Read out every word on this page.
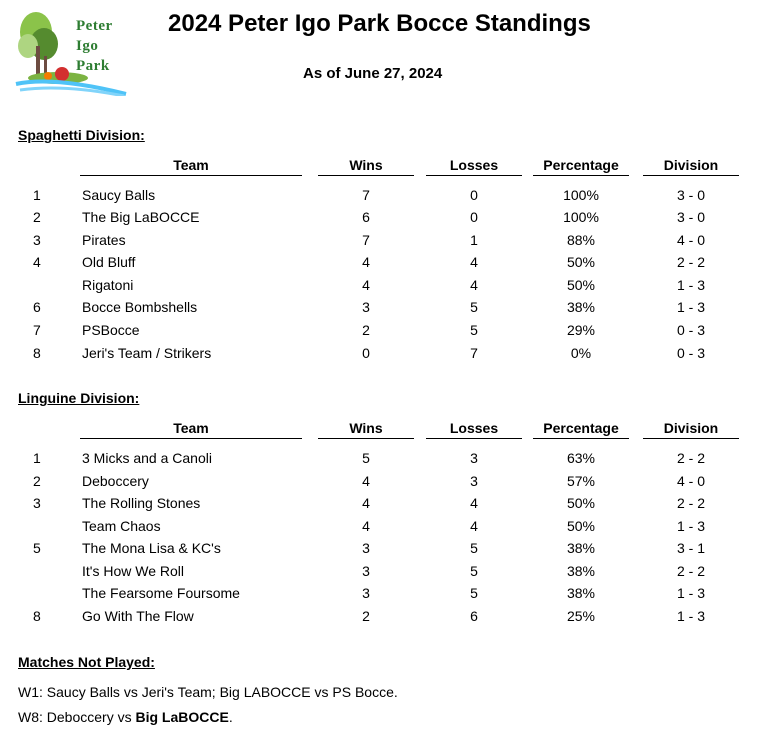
Peter
Igo
Park
2024 Peter Igo Park Bocce Standings
As of June 27, 2024
Spaghetti Division:
Team	Wins	Losses	Percentage	Division
1	Saucy Balls	7	0	100%	3 - 0
2	The Big LaBOCCE	6	0	100%	3 - 0
3	Pirates	7	1	88%	4 - 0
4	Old Bluff	4	4	50%	2 - 2
Rigatoni	4	4	50%	1 - 3
6	Bocce Bombshells	3	5	38%	1 - 3
7	PSBocce	2	5	29%	0 - 3
8	Jeri's Team / Strikers	0	7	0%	0 - 3
Linguine Division:
Team	Wins	Losses	Percentage	Division
1	3 Micks and a Canoli	5	3	63%	2 - 2
2	Deboccery	4	3	57%	4 - 0
3	The Rolling Stones	4	4	50%	2 - 2
Team Chaos	4	4	50%	1 - 3
5	The Mona Lisa & KC's	3	5	38%	3 - 1
It's How We Roll	3	5	38%	2 - 2
The Fearsome Foursome	3	5	38%	1 - 3
8	Go With The Flow	2	6	25%	1 - 3
Matches Not Played:
W1: Saucy Balls vs Jeri's Team; Big LABOCCE vs PS Bocce.
W8: Deboccery vs Big LaBOCCE.
